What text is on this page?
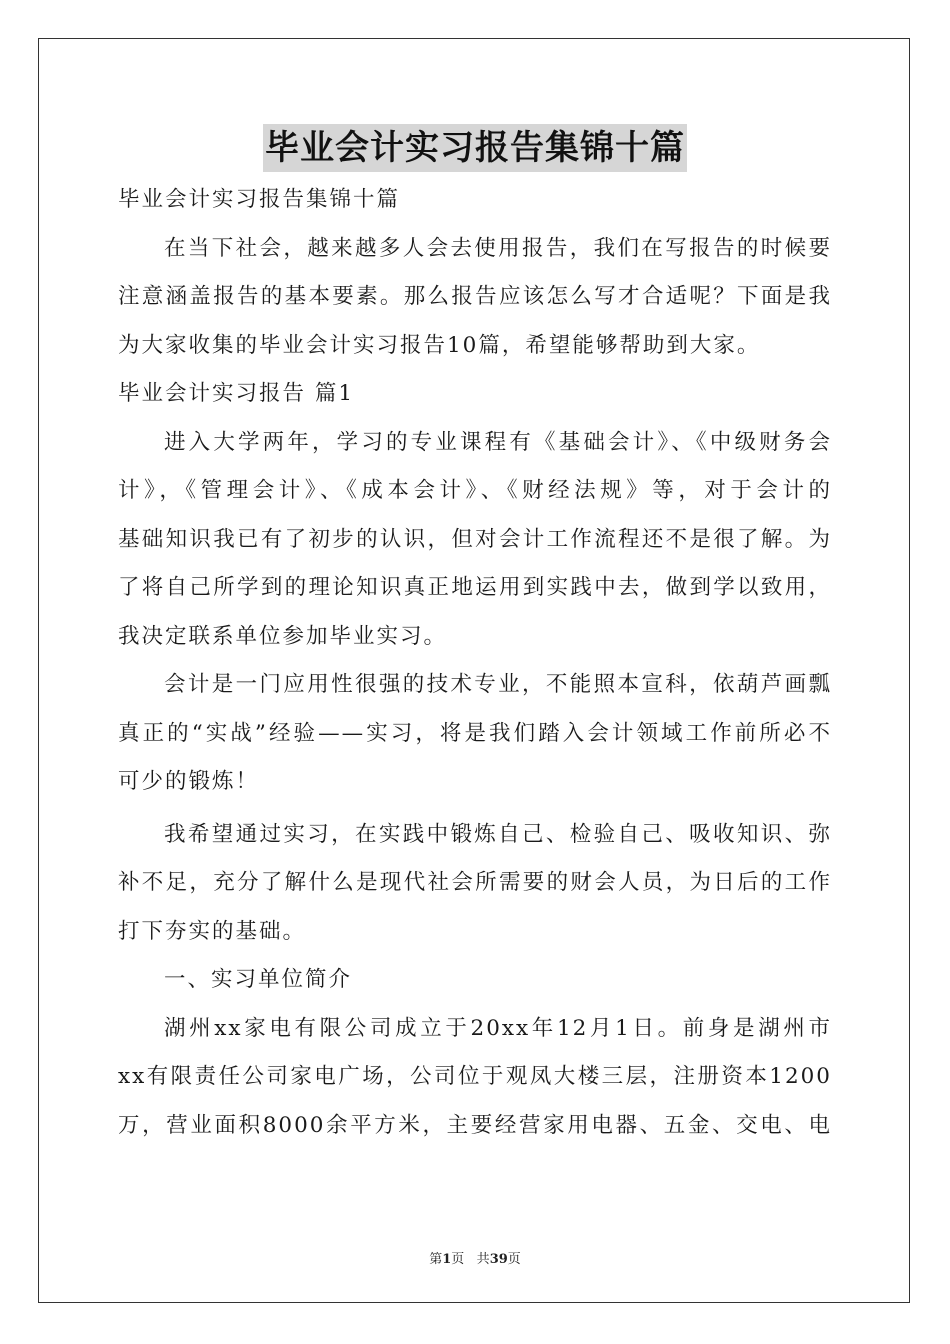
毕业会计实习报告集锦十篇
毕业会计实习报告集锦十篇
在当下社会，越来越多人会去使用报告，我们在写报告的时候要
注意涵盖报告的基本要素。那么报告应该怎么写才合适呢？下面是我
为大家收集的毕业会计实习报告10篇，希望能够帮助到大家。
毕业会计实习报告 篇1
进入大学两年，学习的专业课程有《基础会计》、《中级财务会
计》，《管理会计》、《成本会计》、《财经法规》等，对于会计的
基础知识我已有了初步的认识，但对会计工作流程还不是很了解。为
了将自己所学到的理论知识真正地运用到实践中去，做到学以致用，
我决定联系单位参加毕业实习。
会计是一门应用性很强的技术专业，不能照本宣科，依葫芦画瓢
真正的“实战”经验——实习，将是我们踏入会计领域工作前所必不
可少的锻炼！
我希望通过实习，在实践中锻炼自己、检验自己、吸收知识、弥
补不足，充分了解什么是现代社会所需要的财会人员，为日后的工作
打下夯实的基础。
一、实习单位简介
湖州xx家电有限公司成立于20xx年12月1日。前身是湖州市
xx有限责任公司家电广场，公司位于观凤大楼三层，注册资本1200
万，营业面积8000余平方米，主要经营家用电器、五金、交电、电
第1页 共39页
